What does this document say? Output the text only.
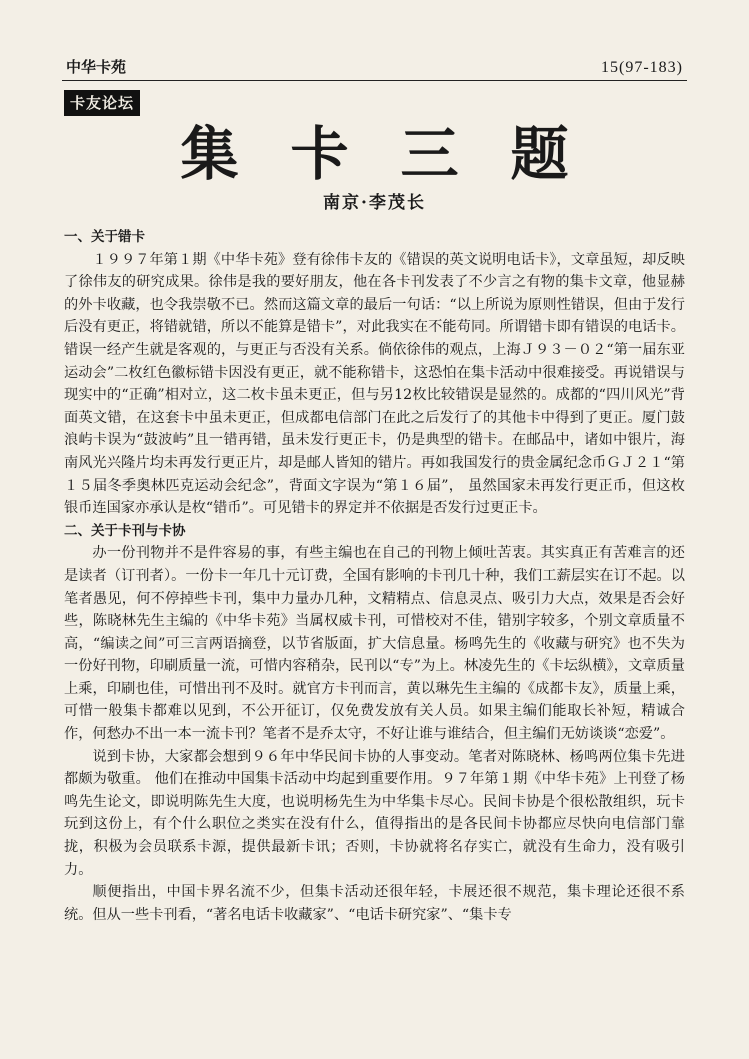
中华卡苑	15(97-183)
卡友论坛
集卡三题
南京·李茂长

一、关于错卡

１９９７年第１期《中华卡苑》登有徐伟卡友的《错误的英文说明电话卡》，文章虽短，却反映了徐伟友的研究成果。徐伟是我的要好朋友，他在各卡刊发表了不少言之有物的集卡文章，他显赫的外卡收藏，也令我崇敬不已。然而这篇文章的最后一句话：“以上所说为原则性错误，但由于发行后没有更正，将错就错，所以不能算是错卡”，对此我实在不能苟同。所谓错卡即有错误的电话卡。错误一经产生就是客观的，与更正与否没有关系。倘依徐伟的观点，上海Ｊ９３－０２“第一届东亚运动会”二枚红色徽标错卡因没有更正，就不能称错卡，这恐怕在集卡活动中很难接受。再说错误与现实中的“正确”相对立，这二枚卡虽未更正，但与另12枚比较错误是显然的。成都的“四川风光”背面英文错，在这套卡中虽未更正，但成都电信部门在此之后发行了的其他卡中得到了更正。厦门鼓浪屿卡误为“鼓波屿”且一错再错，虽未发行更正卡，仍是典型的错卡。在邮品中，诸如中银片，海南风光兴隆片均未再发行更正片，却是邮人皆知的错片。再如我国发行的贵金属纪念币ＧＪ２１“第１５届冬季奥林匹克运动会纪念”，背面文字误为“第１６届”， 虽然国家未再发行更正币，但这枚银币连国家亦承认是枚“错币”。可见错卡的界定并不依据是否发行过更正卡。

二、关于卡刊与卡协

办一份刊物并不是件容易的事，有些主编也在自己的刊物上倾吐苦衷。其实真正有苦难言的还是读者（订刊者）。一份卡一年几十元订费，全国有影响的卡刊几十种，我们工薪层实在订不起。以笔者愚见，何不停掉些卡刊，集中力量办几种，文精精点、信息灵点、吸引力大点，效果是否会好些，陈晓林先生主编的《中华卡苑》当属权威卡刊，可惜校对不佳，错别字较多，个别文章质量不高，“编读之间”可三言两语摘登，以节省版面，扩大信息量。杨鸣先生的《收藏与研究》也不失为一份好刊物，印刷质量一流，可惜内容稍杂，民刊以“专”为上。林凌先生的《卡坛纵横》，文章质量上乘，印刷也佳，可惜出刊不及时。就官方卡刊而言，黄以琳先生主编的《成都卡友》，质量上乘，可惜一般集卡都难以见到，不公开征订，仅免费发放有关人员。如果主编们能取长补短，精诚合作，何愁办不出一本一流卡刊？笔者不是乔太守，不好让谁与谁结合，但主编们无妨谈谈“恋爱”。

说到卡协，大家都会想到９６年中华民间卡协的人事变动。笔者对陈晓林、杨鸣两位集卡先进都颇为敬重。 他们在推动中国集卡活动中均起到重要作用。９７年第１期《中华卡苑》上刊登了杨鸣先生论文，即说明陈先生大度，也说明杨先生为中华集卡尽心。民间卡协是个很松散组织，玩卡玩到这份上，有个什么职位之类实在没有什么，值得指出的是各民间卡协都应尽快向电信部门靠拢，积极为会员联系卡源，提供最新卡讯；否则，卡协就将名存实亡，就没有生命力，没有吸引力。

顺便指出，中国卡界名流不少，但集卡活动还很年轻，卡展还很不规范，集卡理论还很不系统。但从一些卡刊看，“著名电话卡收藏家”、“电话卡研究家”、“集卡专
